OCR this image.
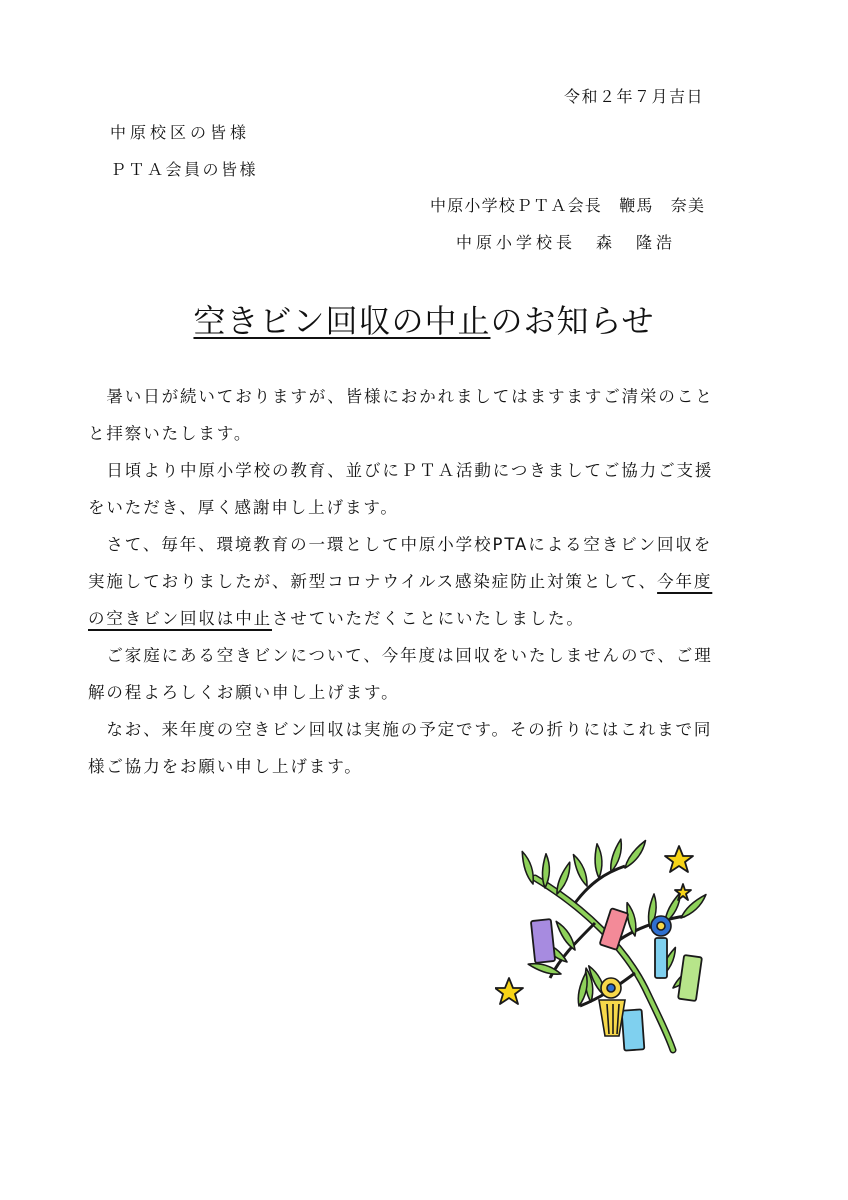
令和２年７月吉日
中原校区の皆様
ＰＴＡ会員の皆様
中原小学校ＰＴＡ会長　鞭馬　奈美
中原小学校長　森　隆浩
空きビン回収の中止のお知らせ
　暑い日が続いておりますが、皆様におかれましてはますますご清栄のこと
と拝察いたします。
　日頃より中原小学校の教育、並びにＰＴＡ活動につきましてご協力ご支援
をいただき、厚く感謝申し上げます。
　さて、毎年、環境教育の一環として中原小学校PTAによる空きビン回収を
実施しておりましたが、新型コロナウイルス感染症防止対策として、今年度
の空きビン回収は中止させていただくことにいたしました。
　ご家庭にある空きビンについて、今年度は回収をいたしませんので、ご理
解の程よろしくお願い申し上げます。
　なお、来年度の空きビン回収は実施の予定です。その折りにはこれまで同
様ご協力をお願い申し上げます。
